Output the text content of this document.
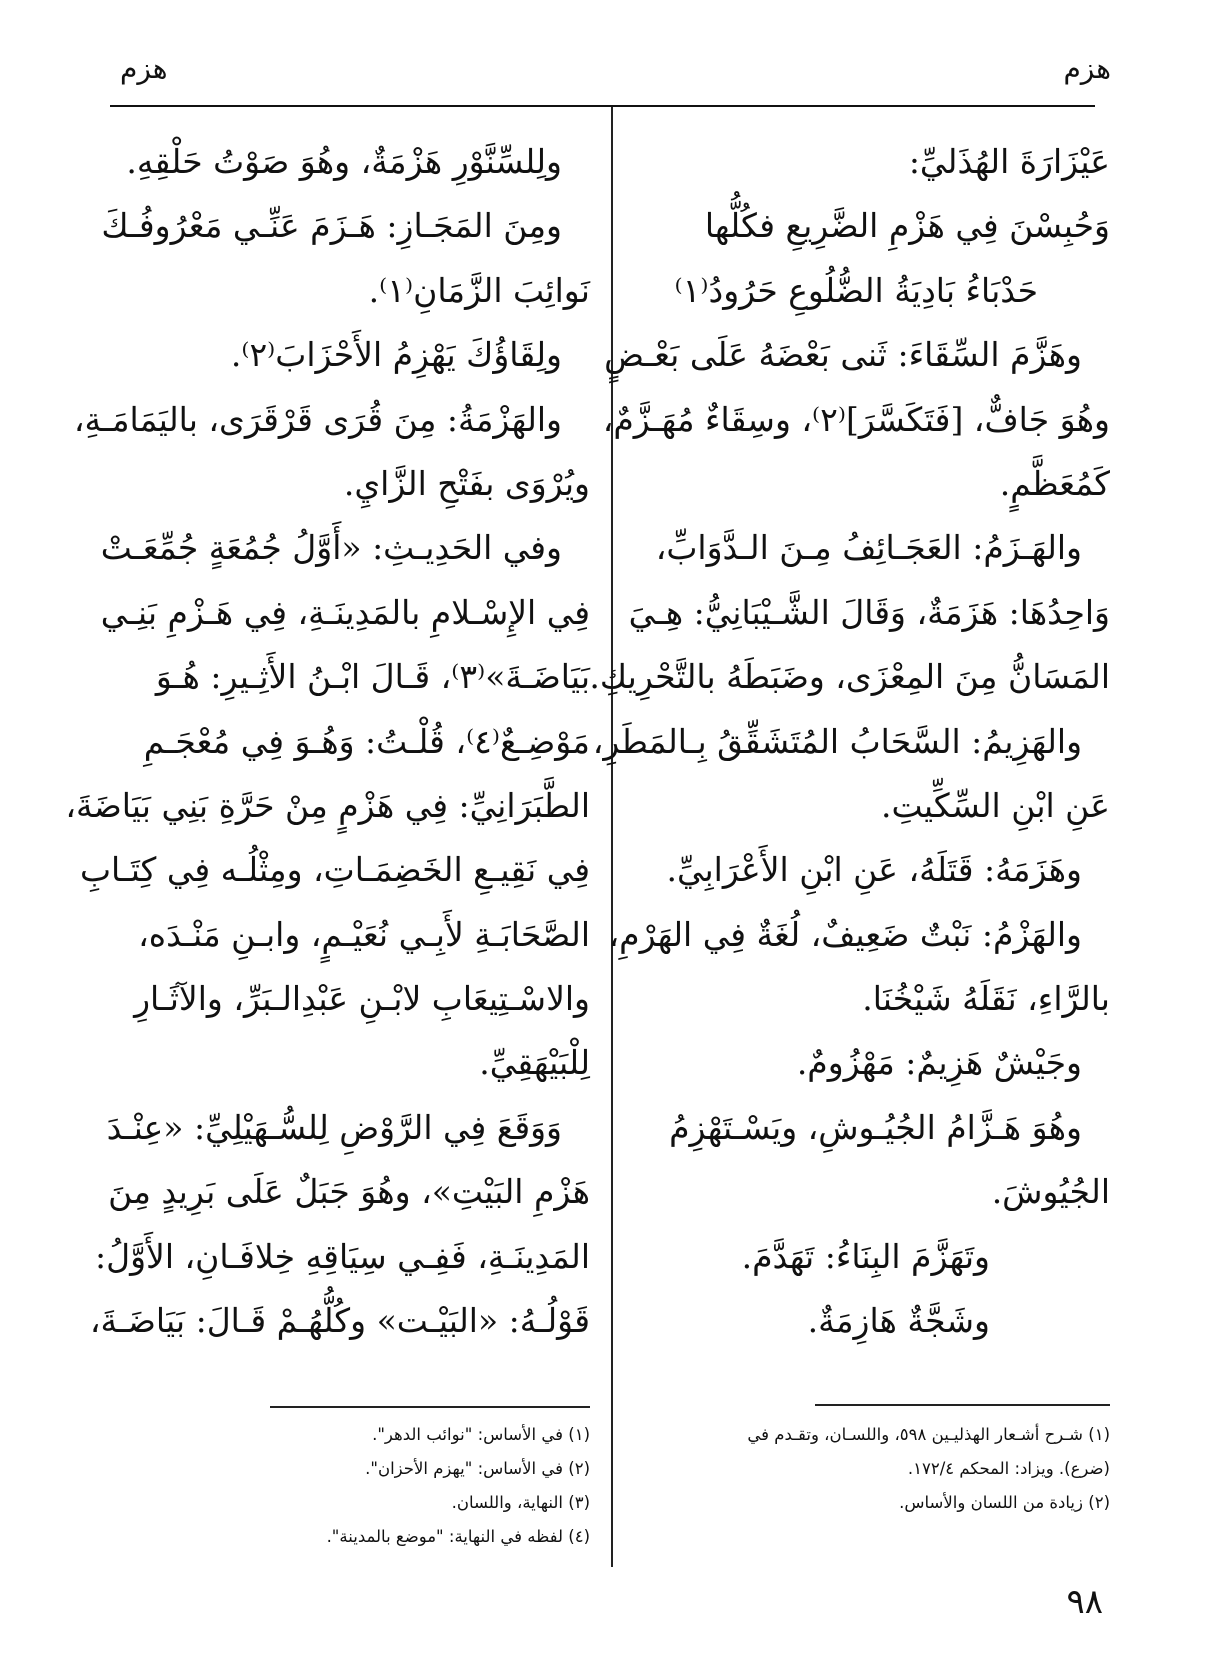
هزم
هزم
عَيْزَارَةَ الهُذَليِّ:
وَحُبِسْنَ فِي هَزْمِ الضَّرِيعِ فكُلُّها
حَدْبَاءُ بَادِيَةُ الضُّلُوعِ حَرُودُ⁽١⁾
وهَزَّمَ السِّقَاءَ: ثَنى بَعْضَهُ عَلَى بَعْـضٍ
وهُوَ جَافٌّ، [فَتَكَسَّرَ]⁽٢⁾، وسِقَاءٌ مُهَـزَّمٌ،
كَمُعَظَّمٍ.
والهَـزَمُ: العَجَـائِفُ مِـنَ الـدَّوَابِّ،
وَاحِدُهَا: هَزَمَةٌ، وَقَالَ الشَّـيْبَانِيُّ: هِـيَ
المَسَانُّ مِنَ المِعْزَى، وضَبَطَهُ بالتَّحْرِيكِ.
والهَزِيمُ: السَّحَابُ المُتَشَقِّقُ بِـالمَطَرِ،
عَنِ ابْنِ السِّكِّيتِ.
وهَزَمَهُ: قَتَلَهُ، عَنِ ابْنِ الأَعْرَابِيِّ.
والهَزْمُ: نَبْتٌ ضَعِيفٌ، لُغَةٌ فِي الهَرْمِ،
بالرَّاءِ، نَقَلَهُ شَيْخُنَا.
وجَيْشٌ هَزِيمٌ: مَهْزُومٌ.
وهُوَ هَـزَّامُ الجُيُـوشِ، ويَسْـتَهْزِمُ
الجُيُوشَ.
وتَهَزَّمَ البِنَاءُ: تَهَدَّمَ.
وشَجَّةٌ هَازِمَةٌ.
ولِلسِّنَّوْرِ هَزْمَةٌ، وهُوَ صَوْتُ حَلْقِهِ.
ومِنَ المَجَـازِ: هَـزَمَ عَنِّـي مَعْرُوفُـكَ
نَوائِبَ الزَّمَانِ⁽١⁾.
ولِقَاؤُكَ يَهْزِمُ الأَحْزَابَ⁽٢⁾.
والهَزْمَةُ: مِنَ قُرَى قَرْقَرَى، باليَمَامَـةِ،
ويُرْوَى بفَتْحِ الزَّايِ.
وفي الحَدِيـثِ: «أَوَّلُ جُمُعَةٍ جُمِّعَـتْ
فِي الإِسْـلامِ بالمَدِينَـةِ، فِي هَـزْمِ بَنِـي
بَيَاضَـةَ»⁽٣⁾، قَـالَ ابْـنُ الأَثِـيرِ: هُـوَ
مَوْضِـعٌ⁽٤⁾، قُلْـتُ: وَهُـوَ فِي مُعْجَـمِ
الطَّبَرَانِيِّ: فِي هَزْمٍ مِنْ حَرَّةِ بَنِي بَيَاضَةَ،
فِي نَقِيـعِ الخَضِمَـاتِ، ومِثْلُـه فِي كِتَـابِ
الصَّحَابَـةِ لأَبِـي نُعَيْـمٍ، وابـنِ مَنْـدَه،
والاسْـتِيعَابِ لابْـنِ عَبْدِالـبَرِّ، والآثَـارِ
لِلْبَيْهَقِيِّ.
وَوَقَعَ فِي الرَّوْضِ لِلسُّـهَيْلِيِّ: «عِنْـدَ
هَزْمِ البَيْتِ»، وهُوَ جَبَلٌ عَلَى بَرِيدٍ مِنَ
المَدِينَـةِ، فَفِـي سِيَاقِهِ خِلافَـانِ، الأَوَّلُ:
قَوْلُـهُ: «البَيْـت» وكُلُّهُـمْ قَـالَ: بَيَاضَـةَ،
(١) شـرح أشـعار الهذليـين ٥٩٨، واللسـان، وتقـدم في
(ضرع). ويزاد: المحكم ١٧٢/٤.
(٢) زيادة من اللسان والأساس.
(١) في الأساس: "نوائب الدهر".
(٢) في الأساس: "يهزم الأحزان".
(٣) النهاية، واللسان.
(٤) لفظه في النهاية: "موضع بالمدينة".
٩٨
